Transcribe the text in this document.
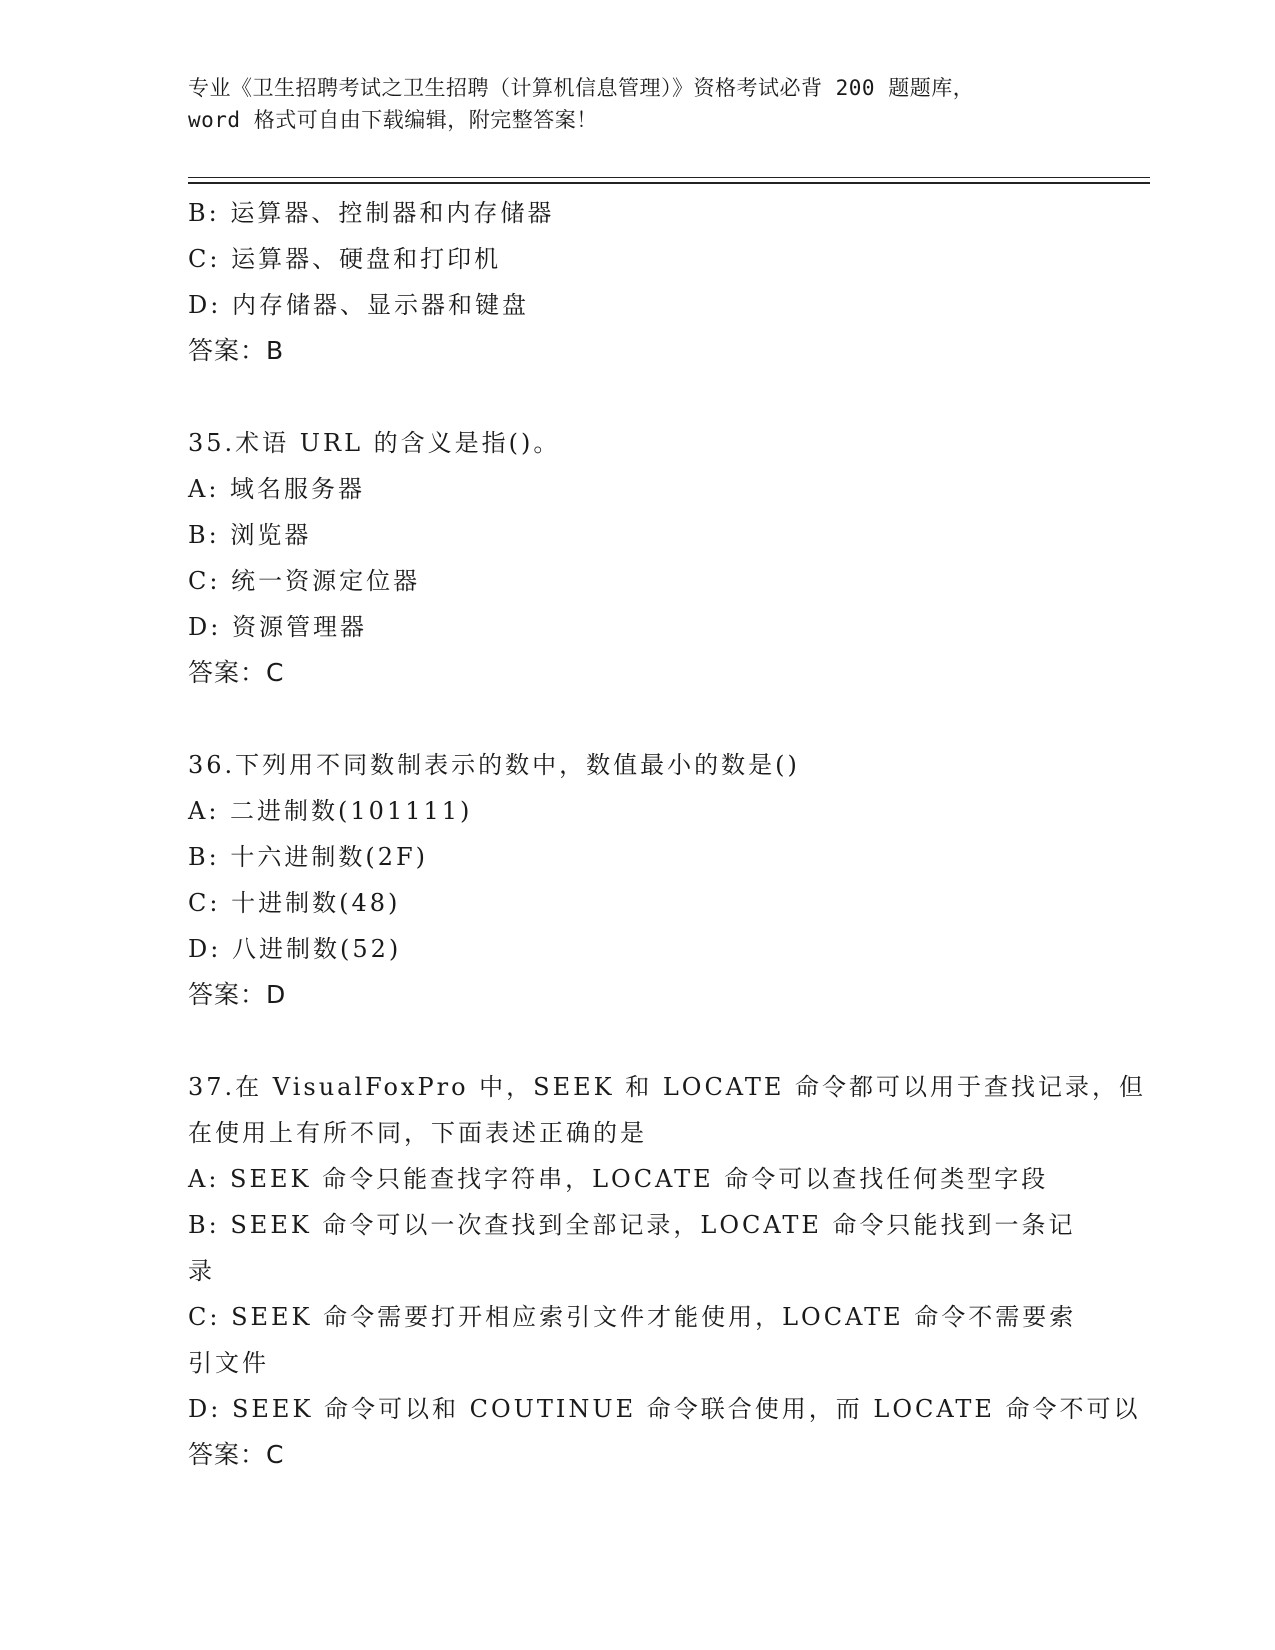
专业《卫生招聘考试之卫生招聘（计算机信息管理）》资格考试必背 200 题题库，
word 格式可自由下载编辑，附完整答案！
B: 运算器、控制器和内存储器
C: 运算器、硬盘和打印机
D: 内存储器、显示器和键盘
答案：B
35.术语 URL 的含义是指()。
A: 域名服务器
B: 浏览器
C: 统一资源定位器
D: 资源管理器
答案：C
36.下列用不同数制表示的数中，数值最小的数是()
A: 二进制数(101111)
B: 十六进制数(2F)
C: 十进制数(48)
D: 八进制数(52)
答案：D
37.在 VisualFoxPro 中，SEEK 和 LOCATE 命令都可以用于查找记录，但
在使用上有所不同，下面表述正确的是
A: SEEK 命令只能查找字符串，LOCATE 命令可以查找任何类型字段
B: SEEK 命令可以一次查找到全部记录，LOCATE 命令只能找到一条记
录
C: SEEK 命令需要打开相应索引文件才能使用，LOCATE 命令不需要索
引文件
D: SEEK 命令可以和 COUTINUE 命令联合使用，而 LOCATE 命令不可以
答案：C
